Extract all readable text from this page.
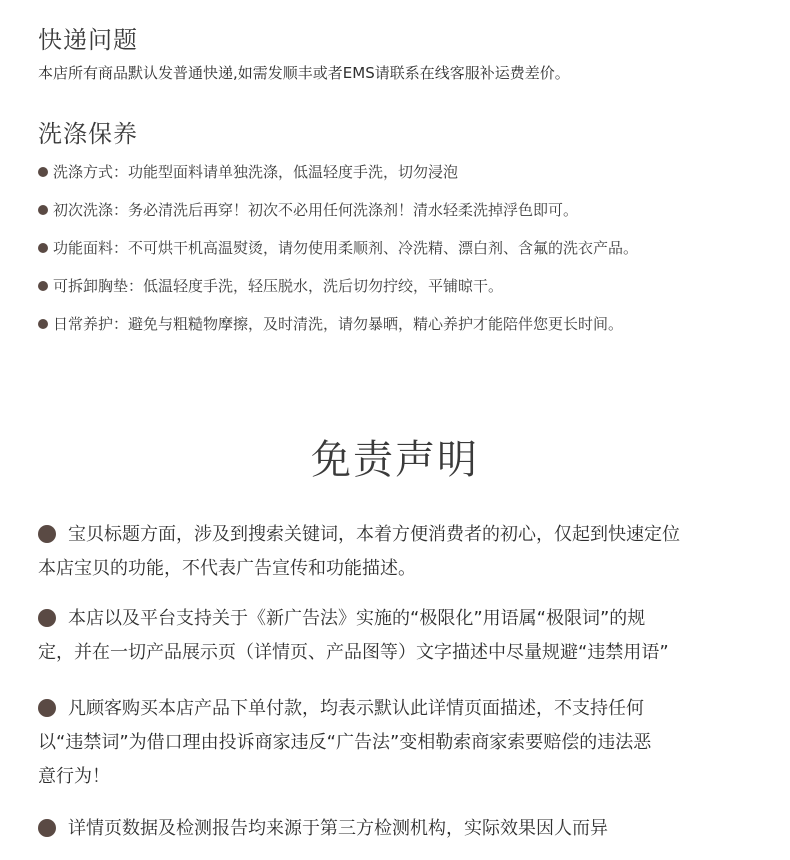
快递问题
本店所有商品默认发普通快递,如需发顺丰或者EMS请联系在线客服补运费差价。
洗涤保养
洗涤方式：功能型面料请单独洗涤，低温轻度手洗，切勿浸泡
初次洗涤：务必清洗后再穿！初次不必用任何洗涤剂！清水轻柔洗掉浮色即可。
功能面料：不可烘干机高温熨烫，请勿使用柔顺剂、冷洗精、漂白剂、含氟的洗衣产品。
可拆卸胸垫：低温轻度手洗，轻压脱水，洗后切勿拧绞，平铺晾干。
日常养护：避免与粗糙物摩擦，及时清洗，请勿暴晒，精心养护才能陪伴您更长时间。
免责声明
宝贝标题方面，涉及到搜索关键词，本着方便消费者的初心，仅起到快速定位
本店宝贝的功能，不代表广告宣传和功能描述。
本店以及平台支持关于《新广告法》实施的“极限化”用语属“极限词”的规
定，并在一切产品展示页（详情页、产品图等）文字描述中尽量规避“违禁用语”
凡顾客购买本店产品下单付款，均表示默认此详情页面描述，不支持任何
以“违禁词”为借口理由投诉商家违反“广告法”变相勒索商家索要赔偿的违法恶
意行为！
详情页数据及检测报告均来源于第三方检测机构，实际效果因人而异
